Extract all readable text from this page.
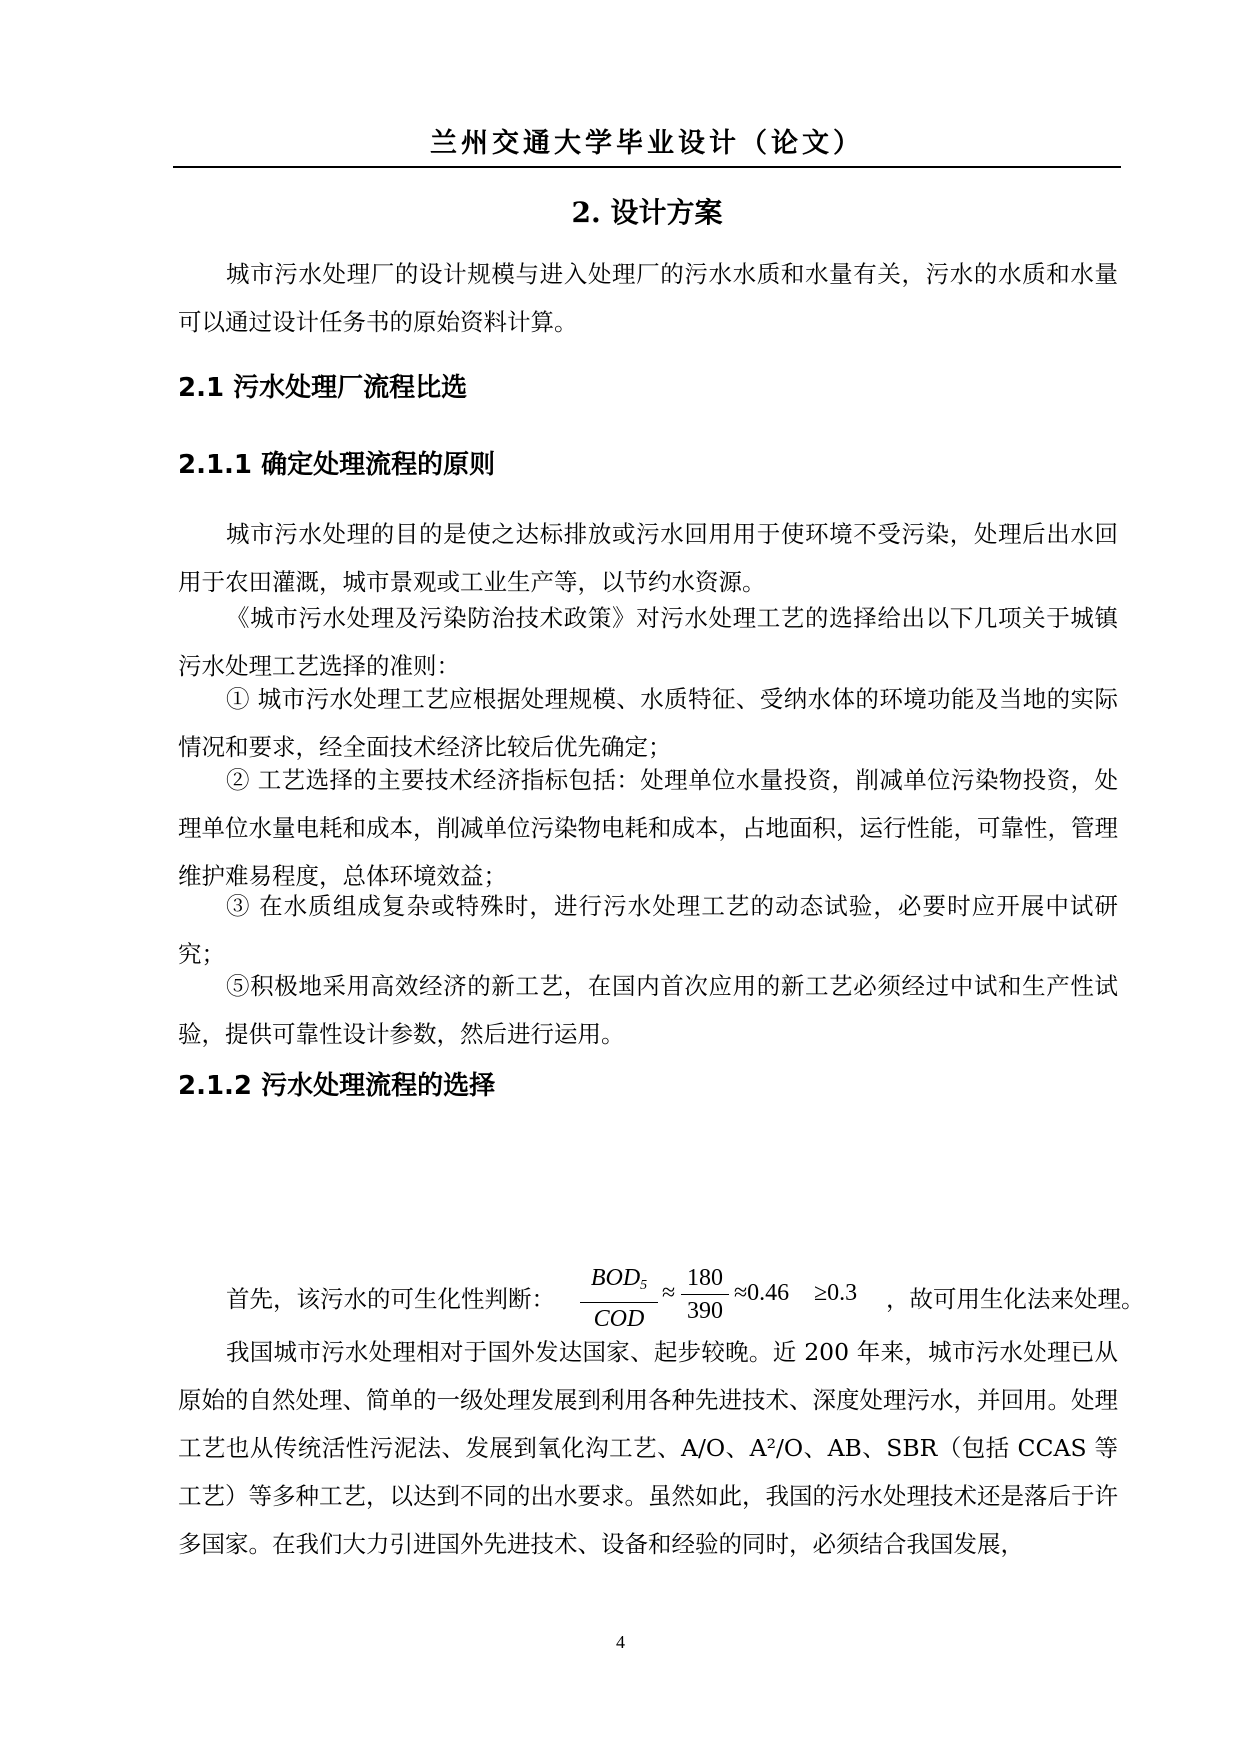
兰州交通大学毕业设计（论文）
2. 设计方案

城市污水处理厂的设计规模与进入处理厂的污水水质和水量有关，污水的水质和水量可以通过设计任务书的原始资料计算。

2.1 污水处理厂流程比选
2.1.1 确定处理流程的原则

城市污水处理的目的是使之达标排放或污水回用用于使环境不受污染，处理后出水回用于农田灌溉，城市景观或工业生产等，以节约水资源。

《城市污水处理及污染防治技术政策》对污水处理工艺的选择给出以下几项关于城镇污水处理工艺选择的准则：

① 城市污水处理工艺应根据处理规模、水质特征、受纳水体的环境功能及当地的实际情况和要求，经全面技术经济比较后优先确定；

② 工艺选择的主要技术经济指标包括：处理单位水量投资，削减单位污染物投资，处理单位水量电耗和成本，削减单位污染物电耗和成本，占地面积，运行性能，可靠性，管理维护难易程度，总体环境效益；

③ 在水质组成复杂或特殊时，进行污水处理工艺的动态试验，必要时应开展中试研究；

⑤积极地采用高效经济的新工艺，在国内首次应用的新工艺必须经过中试和生产性试验，提供可靠性设计参数，然后进行运用。

2.1.2 污水处理流程的选择
首先，该污水的可生化性判断：
$BOD_5$
COD
≈
180
390
≈0.46 ≥0.3 ，故可用生化法来处理。

我国城市污水处理相对于国外发达国家、起步较晚。近 200 年来，城市污水处理已从原始的自然处理、简单的一级处理发展到利用各种先进技术、深度处理污水，并回用。处理工艺也从传统活性污泥法、发展到氧化沟工艺、A/O、A²/O、AB、SBR（包括 CCAS 等工艺）等多种工艺，以达到不同的出水要求。虽然如此，我国的污水处理技术还是落后于许多国家。在我们大力引进国外先进技术、设备和经验的同时，必须结合我国发展，

4
